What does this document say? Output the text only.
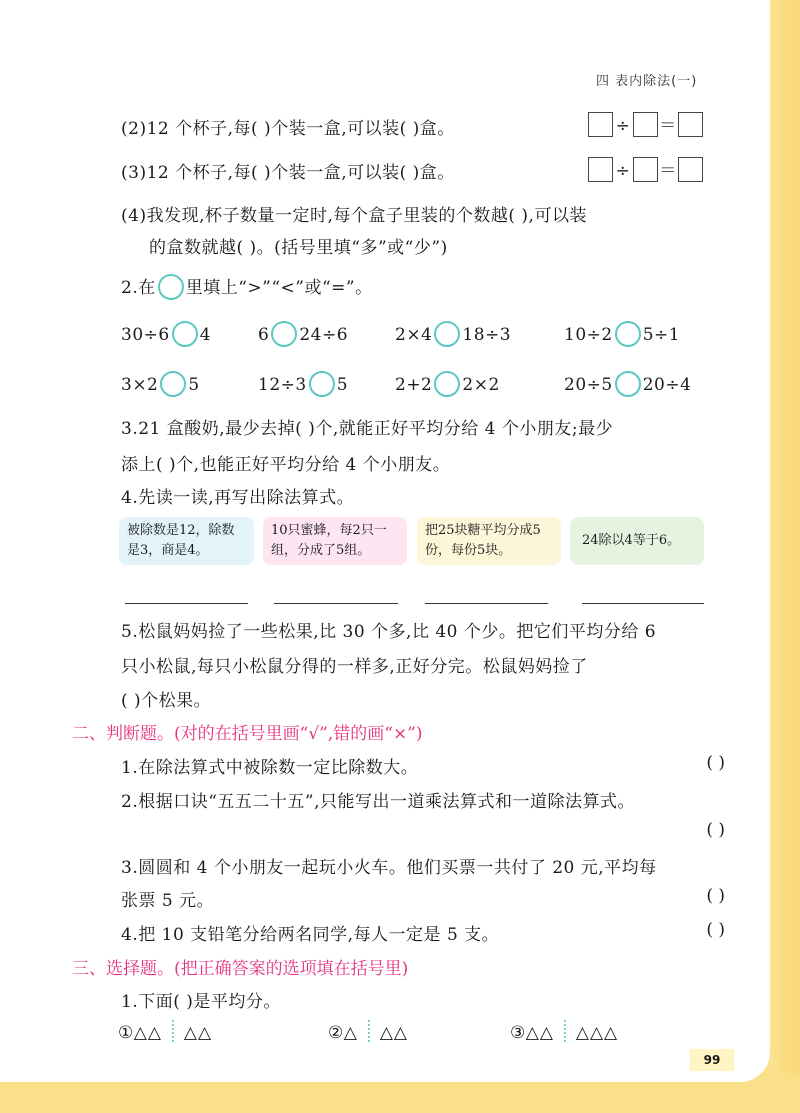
四 表内除法(一)
(2)12 个杯子,每( )个装一盒,可以装( )盒。	÷ ＝
(3)12 个杯子,每( )个装一盒,可以装( )盒。	÷ ＝
(4)我发现,杯子数量一定时,每个盒子里装的个数越( ),可以装
的盒数就越( )。(括号里填“多”或“少”)
2.在 里填上“>”“<”或“=”。
30÷6 4	6 24÷6	2×4 18÷3	10÷2 5÷1
3×2 5	12÷3 5	2+2 2×2	20÷5 20÷4
3.21 盒酸奶,最少去掉( )个,就能正好平均分给 4 个小朋友;最少
添上( )个,也能正好平均分给 4 个小朋友。
4.先读一读,再写出除法算式。
被除数是12，除数是3，商是4。
10只蜜蜂，每2只一组，分成了5组。
把25块糖平均分成5份，每份5块。
24除以4等于6。
5.松鼠妈妈捡了一些松果,比 30 个多,比 40 个少。把它们平均分给 6
只小松鼠,每只小松鼠分得的一样多,正好分完。松鼠妈妈捡了
( )个松果。
二、判断题。(对的在括号里画“√”,错的画“×”)
1.在除法算式中被除数一定比除数大。	( )
2.根据口诀“五五二十五”,只能写出一道乘法算式和一道除法算式。
( )
3.圆圆和 4 个小朋友一起玩小火车。他们买票一共付了 20 元,平均每
张票 5 元。	( )
4.把 10 支铅笔分给两名同学,每人一定是 5 支。	( )
三、选择题。(把正确答案的选项填在括号里)
1.下面( )是平均分。
①△△ △△	②△ △△	③△△ △△△
99
